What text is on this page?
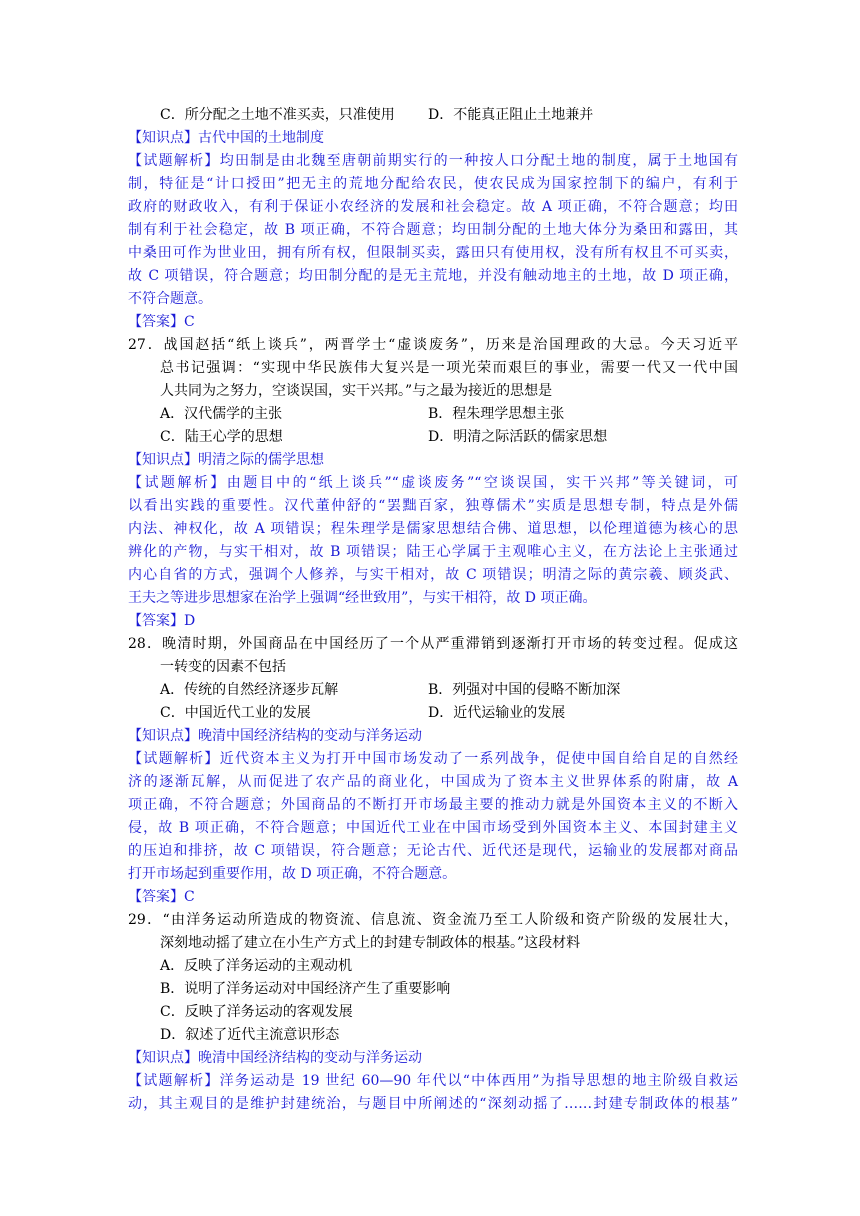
C．所分配之土地不准买卖，只准使用	D．不能真正阻止土地兼并
【知识点】古代中国的土地制度
【试题解析】均田制是由北魏至唐朝前期实行的一种按人口分配土地的制度，属于土地国有
制，特征是“计口授田”把无主的荒地分配给农民，使农民成为国家控制下的编户，有利于
政府的财政收入，有利于保证小农经济的发展和社会稳定。故 A 项正确，不符合题意；均田
制有利于社会稳定，故 B 项正确，不符合题意；均田制分配的土地大体分为桑田和露田，其
中桑田可作为世业田，拥有所有权，但限制买卖，露田只有使用权，没有所有权且不可买卖，
故 C 项错误，符合题意；均田制分配的是无主荒地，并没有触动地主的土地，故 D 项正确，
不符合题意。
【答案】C
27．战国赵括“纸上谈兵”，两晋学士“虚谈废务”，历来是治国理政的大忌。今天习近平
总书记强调：“实现中华民族伟大复兴是一项光荣而艰巨的事业，需要一代又一代中国
人共同为之努力，空谈误国，实干兴邦。”与之最为接近的思想是
A．汉代儒学的主张	B．程朱理学思想主张
C．陆王心学的思想	D．明清之际活跃的儒家思想
【知识点】明清之际的儒学思想
【试题解析】由题目中的“纸上谈兵”“虚谈废务”“空谈误国，实干兴邦”等关键词，可
以看出实践的重要性。汉代董仲舒的“罢黜百家，独尊儒术”实质是思想专制，特点是外儒
内法、神权化，故 A 项错误；程朱理学是儒家思想结合佛、道思想，以伦理道德为核心的思
辨化的产物，与实干相对，故 B 项错误；陆王心学属于主观唯心主义，在方法论上主张通过
内心自省的方式，强调个人修养，与实干相对，故 C 项错误；明清之际的黄宗羲、顾炎武、
王夫之等进步思想家在治学上强调“经世致用”，与实干相符，故 D 项正确。
【答案】D
28．晚清时期，外国商品在中国经历了一个从严重滞销到逐渐打开市场的转变过程。促成这
一转变的因素不包括
A．传统的自然经济逐步瓦解	B．列强对中国的侵略不断加深
C．中国近代工业的发展	D．近代运输业的发展
【知识点】晚清中国经济结构的变动与洋务运动
【试题解析】近代资本主义为打开中国市场发动了一系列战争，促使中国自给自足的自然经
济的逐渐瓦解，从而促进了农产品的商业化，中国成为了资本主义世界体系的附庸，故 A
项正确，不符合题意；外国商品的不断打开市场最主要的推动力就是外国资本主义的不断入
侵，故 B 项正确，不符合题意；中国近代工业在中国市场受到外国资本主义、本国封建主义
的压迫和排挤，故 C 项错误，符合题意；无论古代、近代还是现代，运输业的发展都对商品
打开市场起到重要作用，故 D 项正确，不符合题意。
【答案】C
29．“由洋务运动所造成的物资流、信息流、资金流乃至工人阶级和资产阶级的发展壮大，
深刻地动摇了建立在小生产方式上的封建专制政体的根基。”这段材料
A．反映了洋务运动的主观动机
B．说明了洋务运动对中国经济产生了重要影响
C．反映了洋务运动的客观发展
D．叙述了近代主流意识形态
【知识点】晚清中国经济结构的变动与洋务运动
【试题解析】洋务运动是 19 世纪 60—90 年代以“中体西用”为指导思想的地主阶级自救运
动，其主观目的是维护封建统治，与题目中所阐述的“深刻动摇了……封建专制政体的根基”
